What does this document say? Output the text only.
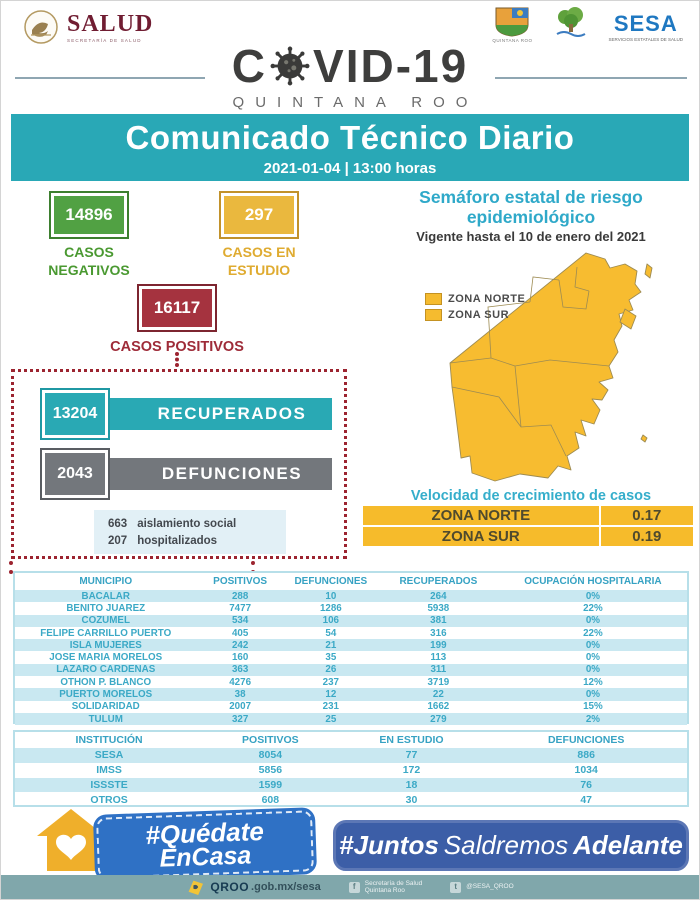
SALUD
SECRETARÍA DE SALUD	QUINTANA ROO
SESA
SERVICIOS ESTATALES DE SALUD
C VID-19
QUINTANA ROO
Comunicado Técnico Diario
2021-01-04 | 13:00 horas
14896
CASOS NEGATIVOS
297
CASOS EN ESTUDIO
16117
CASOS POSITIVOS
RECUPERADOS
13204
DEFUNCIONES
2043
663 aislamiento social
207 hospitalizados
Semáforo estatal de riesgo epidemiológico
Vigente hasta el 10 de enero del 2021
ZONA NORTE
ZONA SUR
Velocidad de crecimiento de casos
ZONA NORTE	0.17
ZONA SUR	0.19
MUNICIPIO	POSITIVOS	DEFUNCIONES	RECUPERADOS	OCUPACIÓN HOSPITALARIA
BACALAR	288	10	264	0%
BENITO JUAREZ	7477	1286	5938	22%
COZUMEL	534	106	381	0%
FELIPE CARRILLO PUERTO	405	54	316	22%
ISLA MUJERES	242	21	199	0%
JOSE MARIA MORELOS	160	35	113	0%
LAZARO CARDENAS	363	26	311	0%
OTHON P. BLANCO	4276	237	3719	12%
PUERTO MORELOS	38	12	22	0%
SOLIDARIDAD	2007	231	1662	15%
TULUM	327	25	279	2%
INSTITUCIÓN	POSITIVOS	EN ESTUDIO	DEFUNCIONES
SESA	8054	77	886
IMSS	5856	172	1034
ISSSTE	1599	18	76
OTROS	608	30	47
#Quédate
EnCasa	#Juntos Saldremos Adelante
QROO .gob.mx/sesa	f	Secretaría de Salud
Quintana Roo	t	@SESA_QROO
